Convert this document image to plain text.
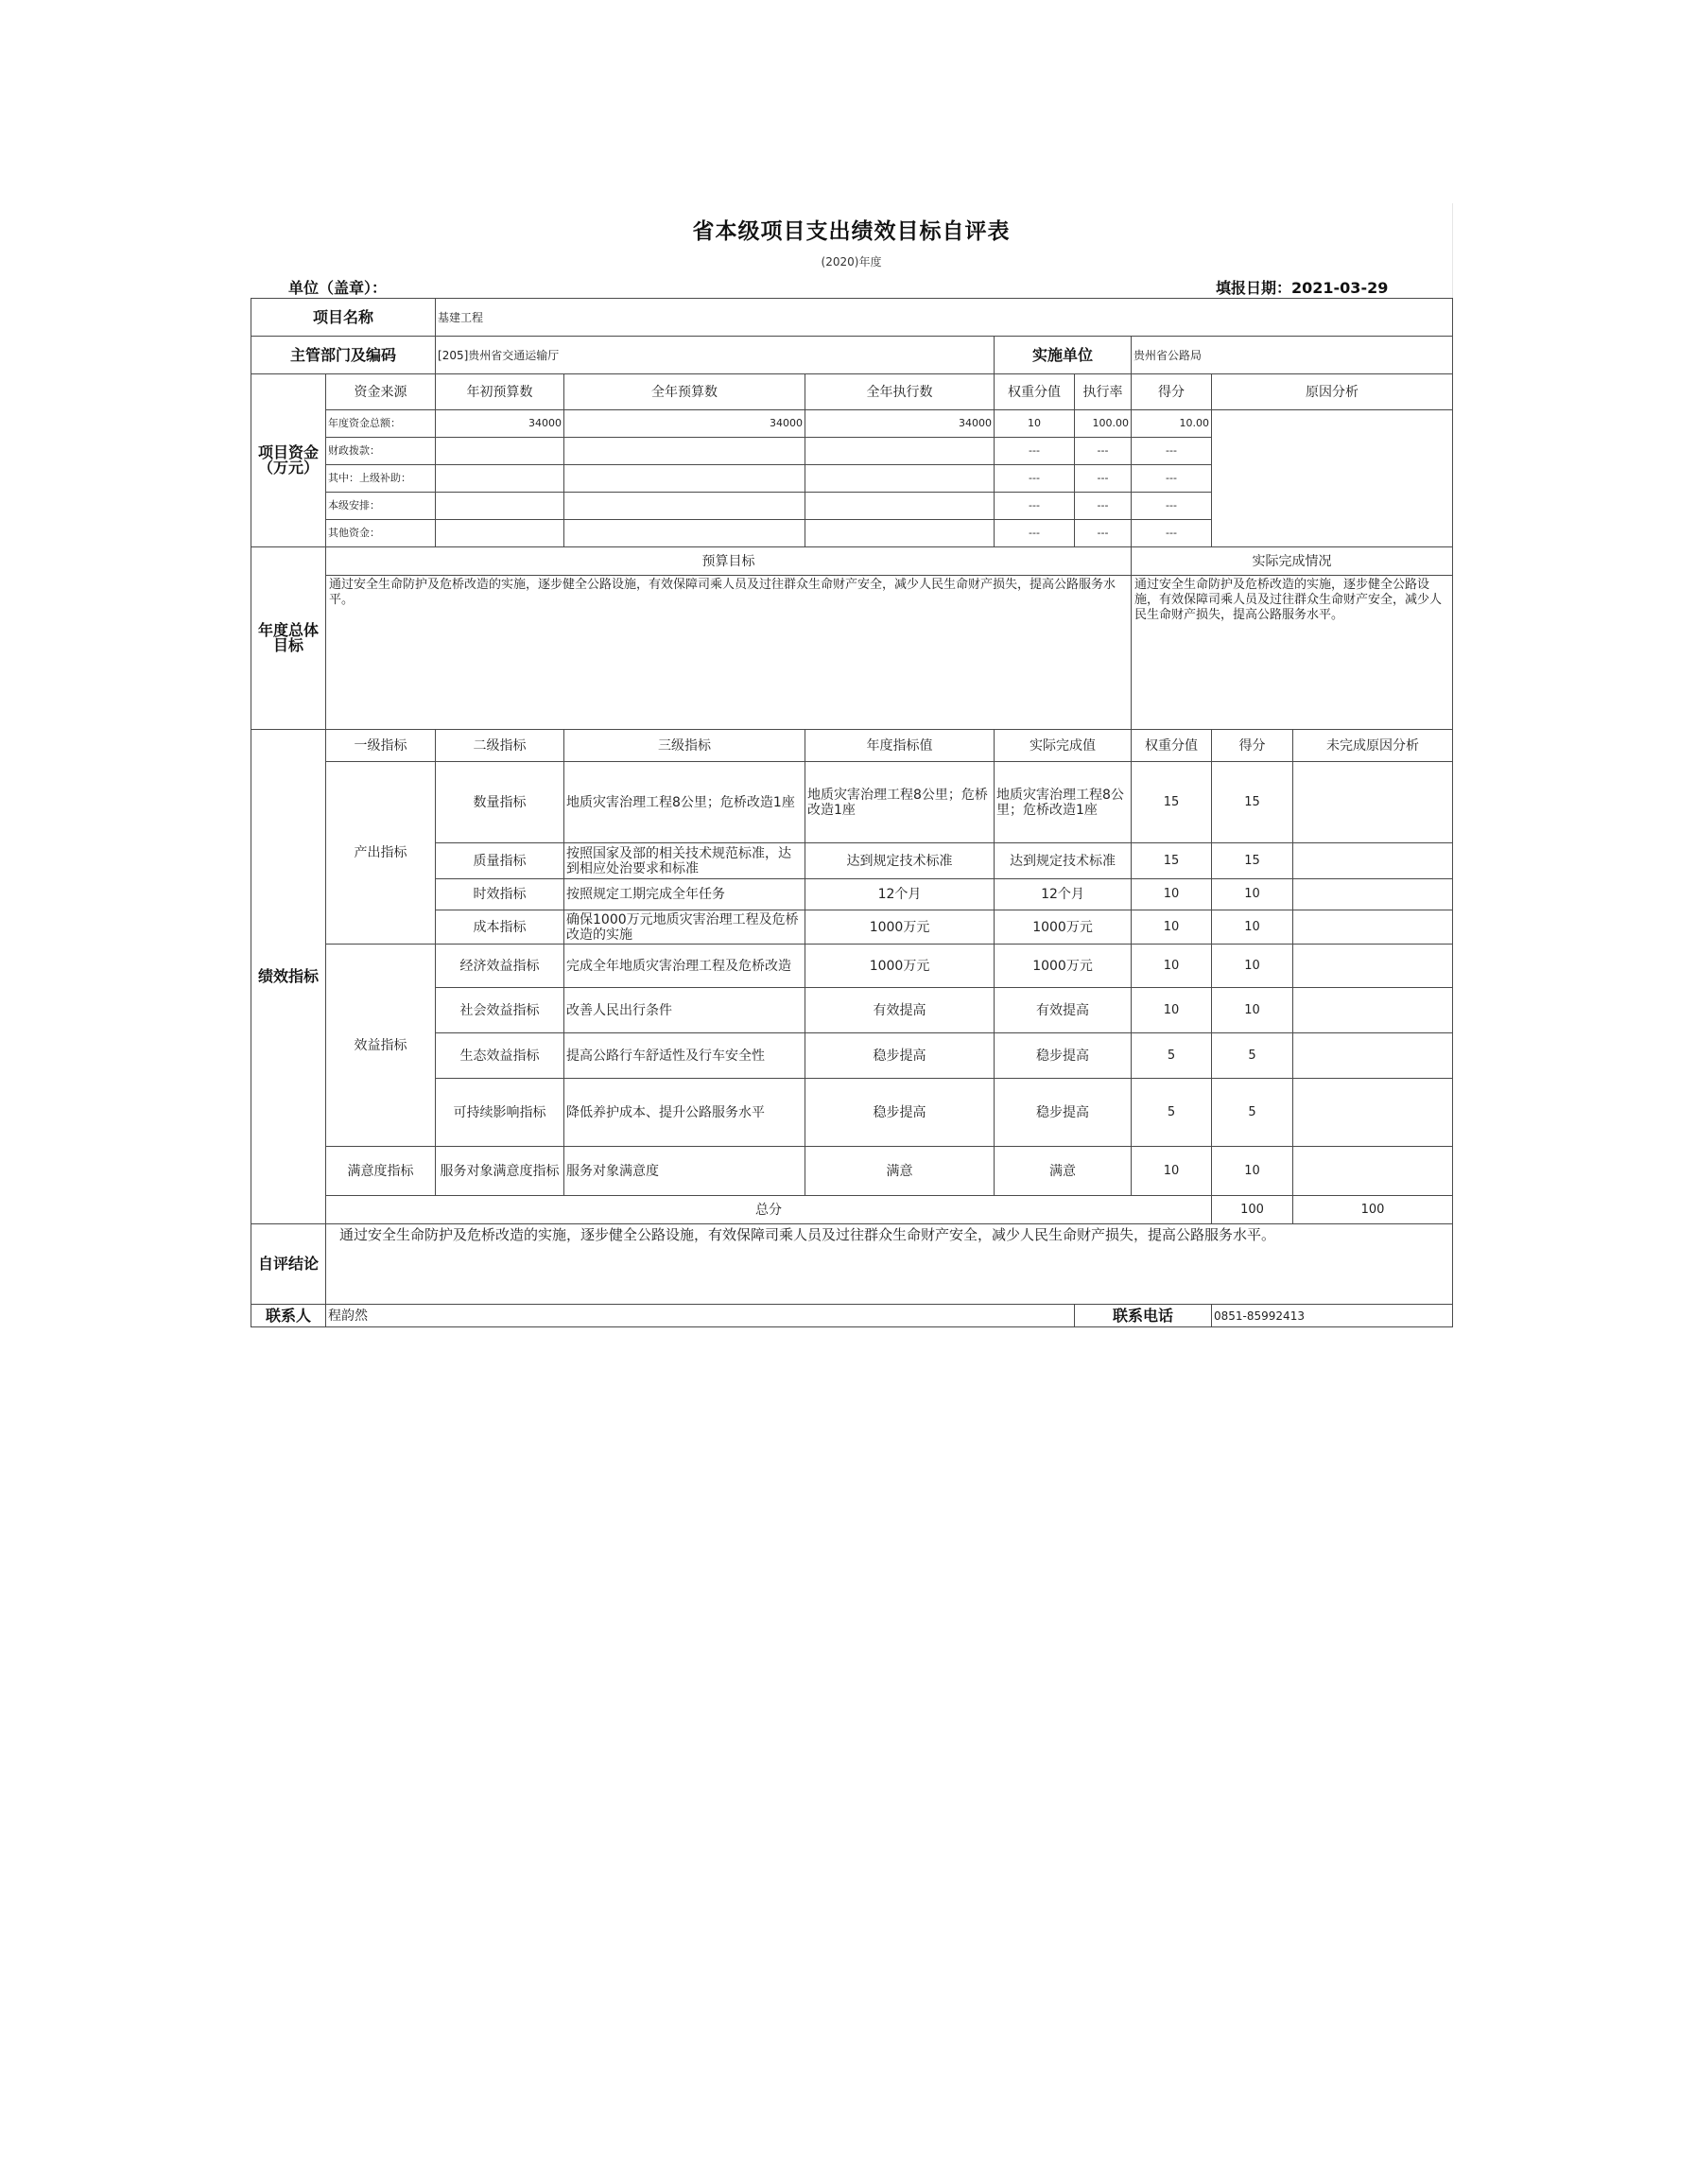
省本级项目支出绩效目标自评表
(2020)年度
单位（盖章）：	填报日期：2021-03-29
项目名称		基建工程								
主管部门及编码		[205]贵州省交通运输厅			实施单位		贵州省公路局			
项目资金（万元）	资金来源	年初预算数	全年预算数	全年执行数	权重分值	执行率	得分	原因分析		
	年度资金总额：	34000	34000	34000	10	100.00	10.00			
	财政拨款：				---	---	---			
	其中：上级补助：				---	---	---			
	本级安排：				---	---	---			
	其他资金：				---	---	---			
年度总体目标	预算目标						实际完成情况			
	通过安全生命防护及危桥改造的实施，逐步健全公路设施，有效保障司乘人员及过往群众生命财产安全，减少人民生命财产损失，提高公路服务水平。						通过安全生命防护及危桥改造的实施，逐步健全公路设施，有效保障司乘人员及过往群众生命财产安全，减少人民生命财产损失，提高公路服务水平。			
绩效指标	一级指标	二级指标	三级指标	年度指标值	实际完成值		权重分值	得分	未完成原因分析	
	产出指标	数量指标	地质灾害治理工程8公里；危桥改造1座	地质灾害治理工程8公里；危桥改造1座	地质灾害治理工程8公里；危桥改造1座		15	15		
		质量指标	按照国家及部的相关技术规范标准，达到相应处治要求和标准	达到规定技术标准	达到规定技术标准		15	15		
		时效指标	按照规定工期完成全年任务	12个月	12个月		10	10		
		成本指标	确保1000万元地质灾害治理工程及危桥改造的实施	1000万元	1000万元		10	10		
	效益指标	经济效益指标	完成全年地质灾害治理工程及危桥改造	1000万元	1000万元		10	10		
		社会效益指标	改善人民出行条件	有效提高	有效提高		10	10		
		生态效益指标	提高公路行车舒适性及行车安全性	稳步提高	稳步提高		5	5		
		可持续影响指标	降低养护成本、提升公路服务水平	稳步提高	稳步提高		5	5		
	满意度指标	服务对象满意度指标	服务对象满意度	满意	满意		10	10		
	总分							100	100	
自评结论	通过安全生命防护及危桥改造的实施，逐步健全公路设施，有效保障司乘人员及过往群众生命财产安全，减少人民生命财产损失，提高公路服务水平。									
联系人	程韵然					联系电话		0851-85992413		
